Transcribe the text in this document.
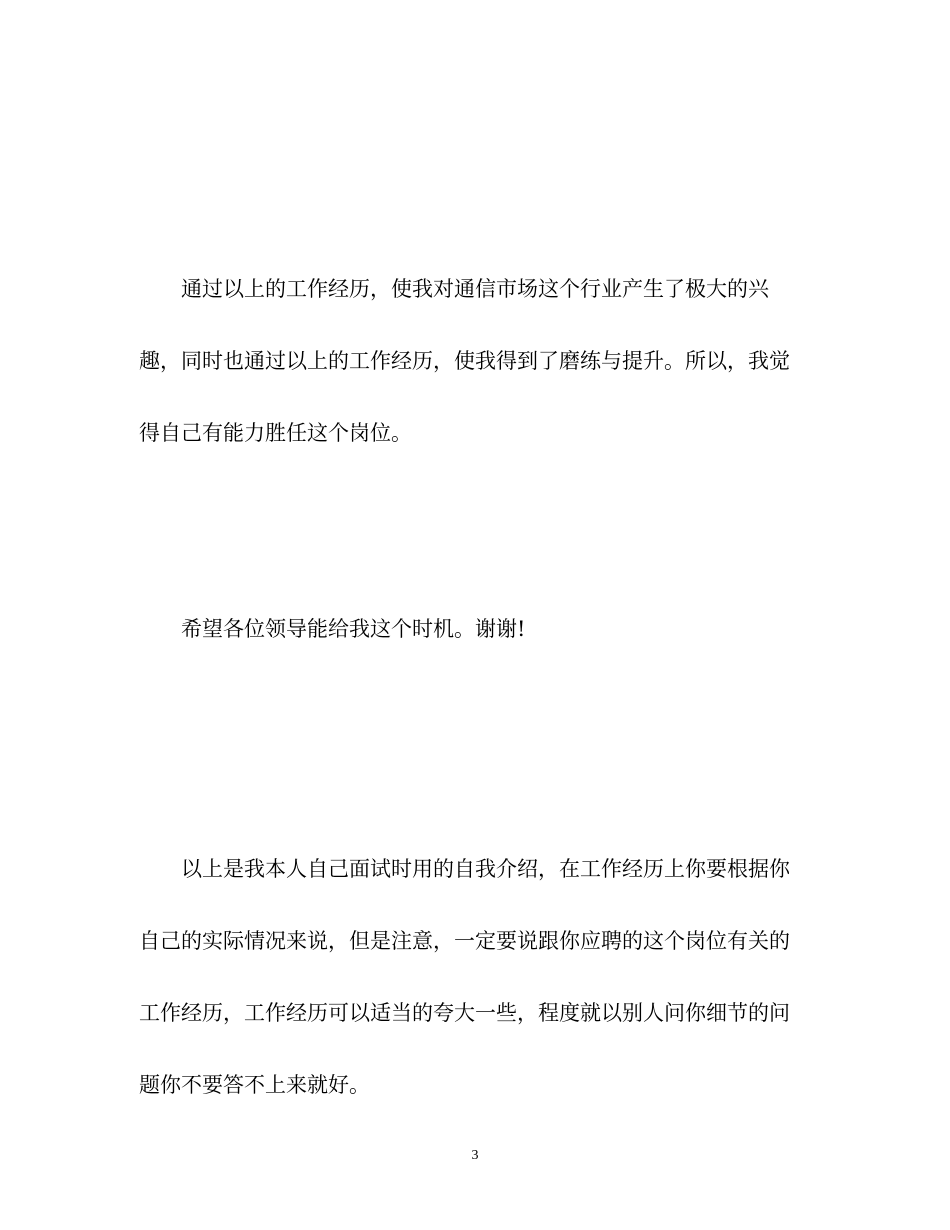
通过以上的工作经历，使我对通信市场这个行业产生了极大的兴
趣，同时也通过以上的工作经历，使我得到了磨练与提升。所以，我觉
得自己有能力胜任这个岗位。
希望各位领导能给我这个时机。谢谢!
以上是我本人自己面试时用的自我介绍，在工作经历上你要根据你
自己的实际情况来说，但是注意，一定要说跟你应聘的这个岗位有关的
工作经历，工作经历可以适当的夸大一些，程度就以别人问你细节的问
题你不要答不上来就好。
3
